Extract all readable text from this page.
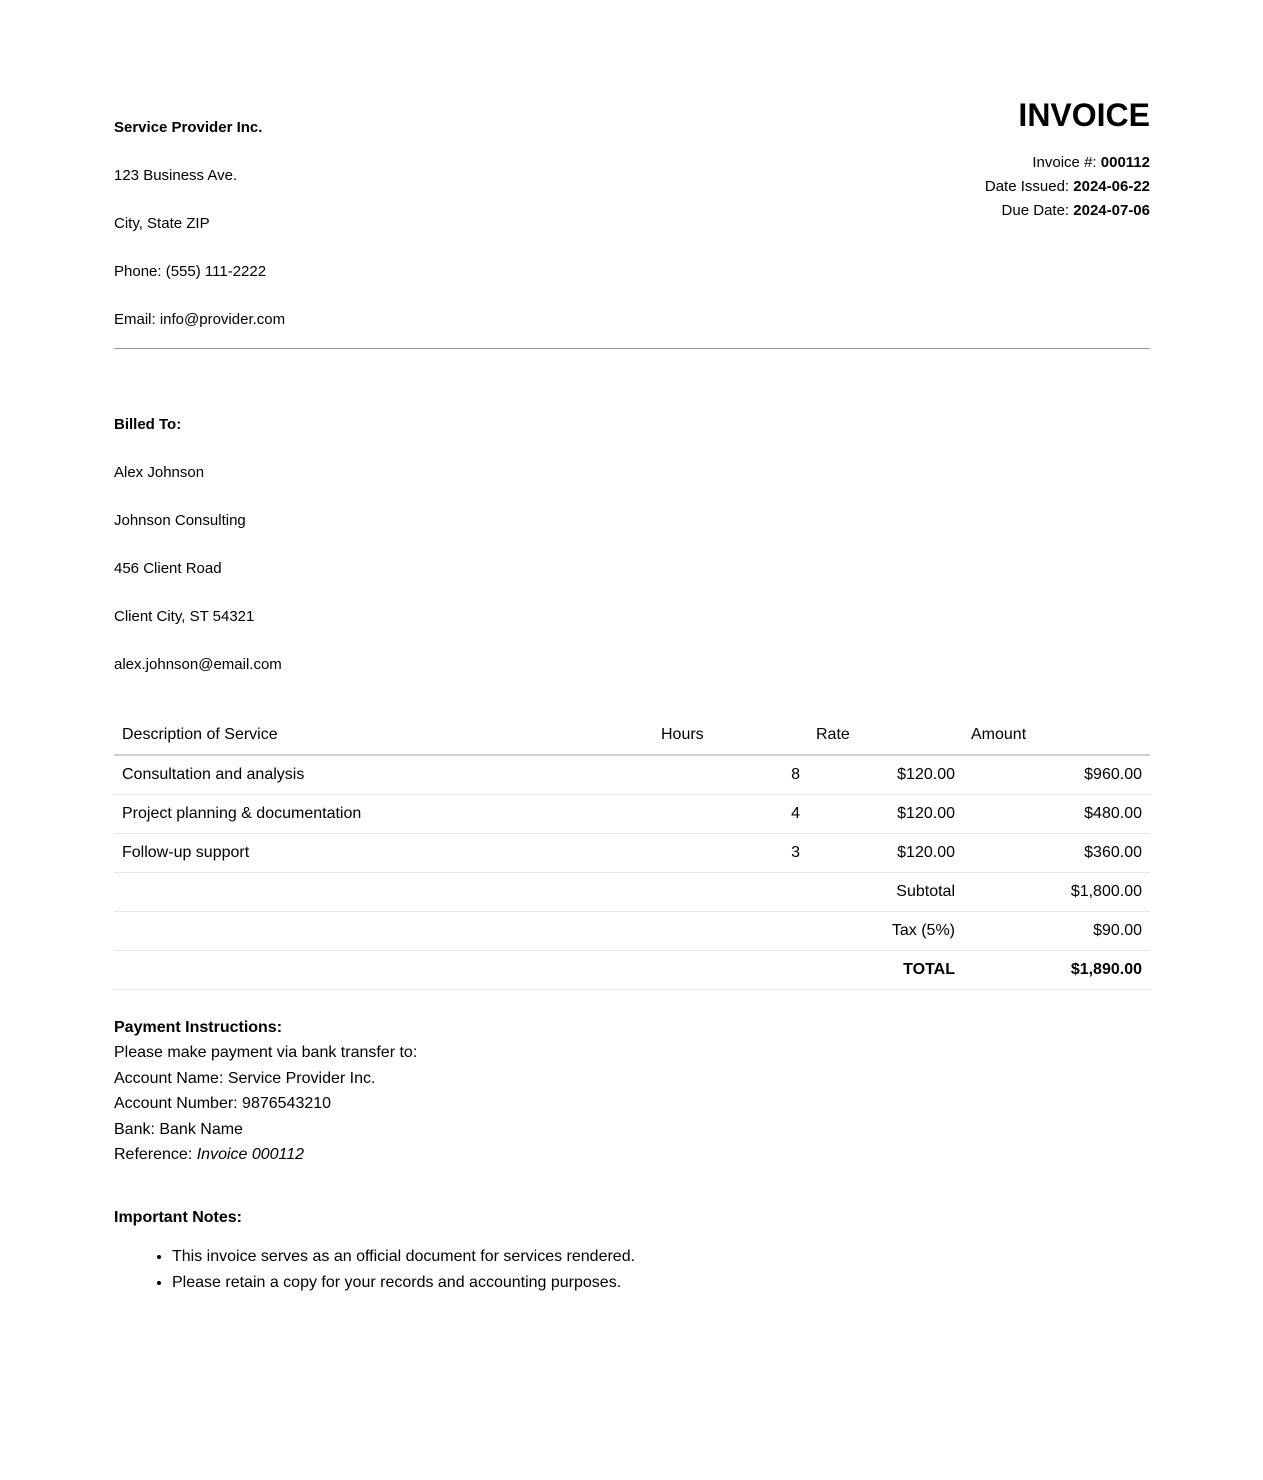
Service Provider Inc.
123 Business Ave.
City, State ZIP
Phone: (555) 111-2222
Email: info@provider.com
INVOICE
Invoice #: 000112
Date Issued: 2024-06-22
Due Date: 2024-07-06
Billed To:
Alex Johnson
Johnson Consulting
456 Client Road
Client City, ST 54321
alex.johnson@email.com
Description of Service	Hours	Rate	Amount
Consultation and analysis	8	$120.00	$960.00
Project planning & documentation	4	$120.00	$480.00
Follow-up support	3	$120.00	$360.00
		Subtotal	$1,800.00
		Tax (5%)	$90.00
		TOTAL	$1,890.00
Payment Instructions:
Please make payment via bank transfer to:
Account Name: Service Provider Inc.
Account Number: 9876543210
Bank: Bank Name
Reference: Invoice 000112
Important Notes:
• This invoice serves as an official document for services rendered.
• Please retain a copy for your records and accounting purposes.
